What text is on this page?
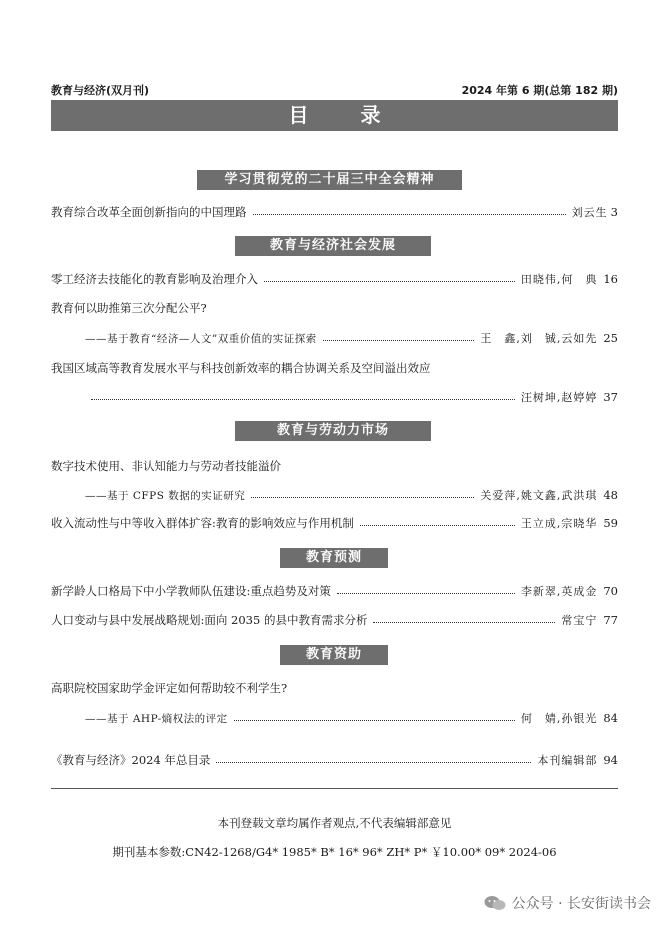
教育与经济(双月刊)	2024 年第 6 期(总第 182 期)
目录
学习贯彻党的二十届三中全会精神
教育综合改革全面创新指向的中国理路	刘云生 3
教育与经济社会发展
零工经济去技能化的教育影响及治理介入	田晓伟,何　典 16
教育何以助推第三次分配公平?
——基于教育“经济—人文”双重价值的实证探索	王　鑫,刘　铖,云如先 25
我国区域高等教育发展水平与科技创新效率的耦合协调关系及空间溢出效应
汪树坤,赵婷婷 37
教育与劳动力市场
数字技术使用、非认知能力与劳动者技能溢价
——基于 CFPS 数据的实证研究	关爱萍,姚文鑫,武洪琪 48
收入流动性与中等收入群体扩容:教育的影响效应与作用机制	王立成,宗晓华 59
教育预测
新学龄人口格局下中小学教师队伍建设:重点趋势及对策	李新翠,英成金 70
人口变动与县中发展战略规划:面向 2035 的县中教育需求分析	常宝宁 77
教育资助
高职院校国家助学金评定如何帮助较不利学生?
——基于 AHP-熵权法的评定	何　婧,孙银光 84
《教育与经济》2024 年总目录	本刊编辑部 94
本刊登载文章均属作者观点,不代表编辑部意见
期刊基本参数:CN42-1268/G4* 1985* B* 16* 96* ZH* P* ￥10.00* 09* 2024-06
公众号 · 长安街读书会
